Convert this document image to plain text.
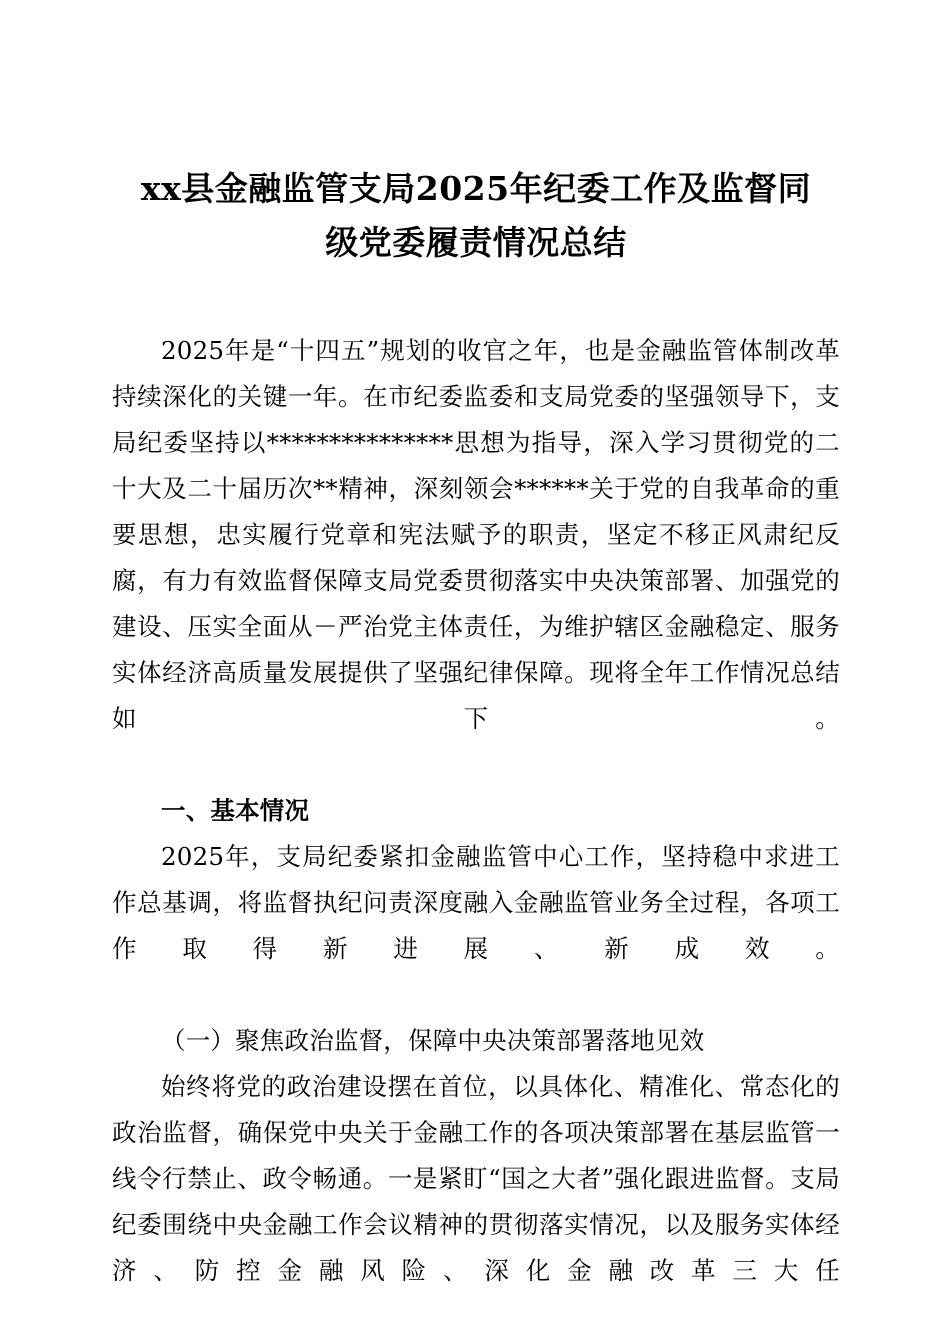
xx县金融监管支局2025年纪委工作及监督同
级党委履责情况总结

2025年是“十四五”规划的收官之年，也是金融监管体制改革持续深化的关键一年。在市纪委监委和支局党委的坚强领导下，支局纪委坚持以***************思想为指导，深入学习贯彻党的二十大及二十届历次**精神，深刻领会******关于党的自我革命的重要思想，忠实履行党章和宪法赋予的职责，坚定不移正风肃纪反腐，有力有效监督保障支局党委贯彻落实中央决策部署、加强党的建设、压实全面从－严治党主体责任，为维护辖区金融稳定、服务实体经济高质量发展提供了坚强纪律保障。现将全年工作情况总结如下。

一、基本情况

2025年，支局纪委紧扣金融监管中心工作，坚持稳中求进工作总基调，将监督执纪问责深度融入金融监管业务全过程，各项工作取得新进展、新成效。

（一）聚焦政治监督，保障中央决策部署落地见效

始终将党的政治建设摆在首位，以具体化、精准化、常态化的政治监督，确保党中央关于金融工作的各项决策部署在基层监管一线令行禁止、政令畅通。一是紧盯“国之大者”强化跟进监督。支局纪委围绕中央金融工作会议精神的贯彻落实情况，以及服务实体经济、防控金融风险、深化金融改革三大任
